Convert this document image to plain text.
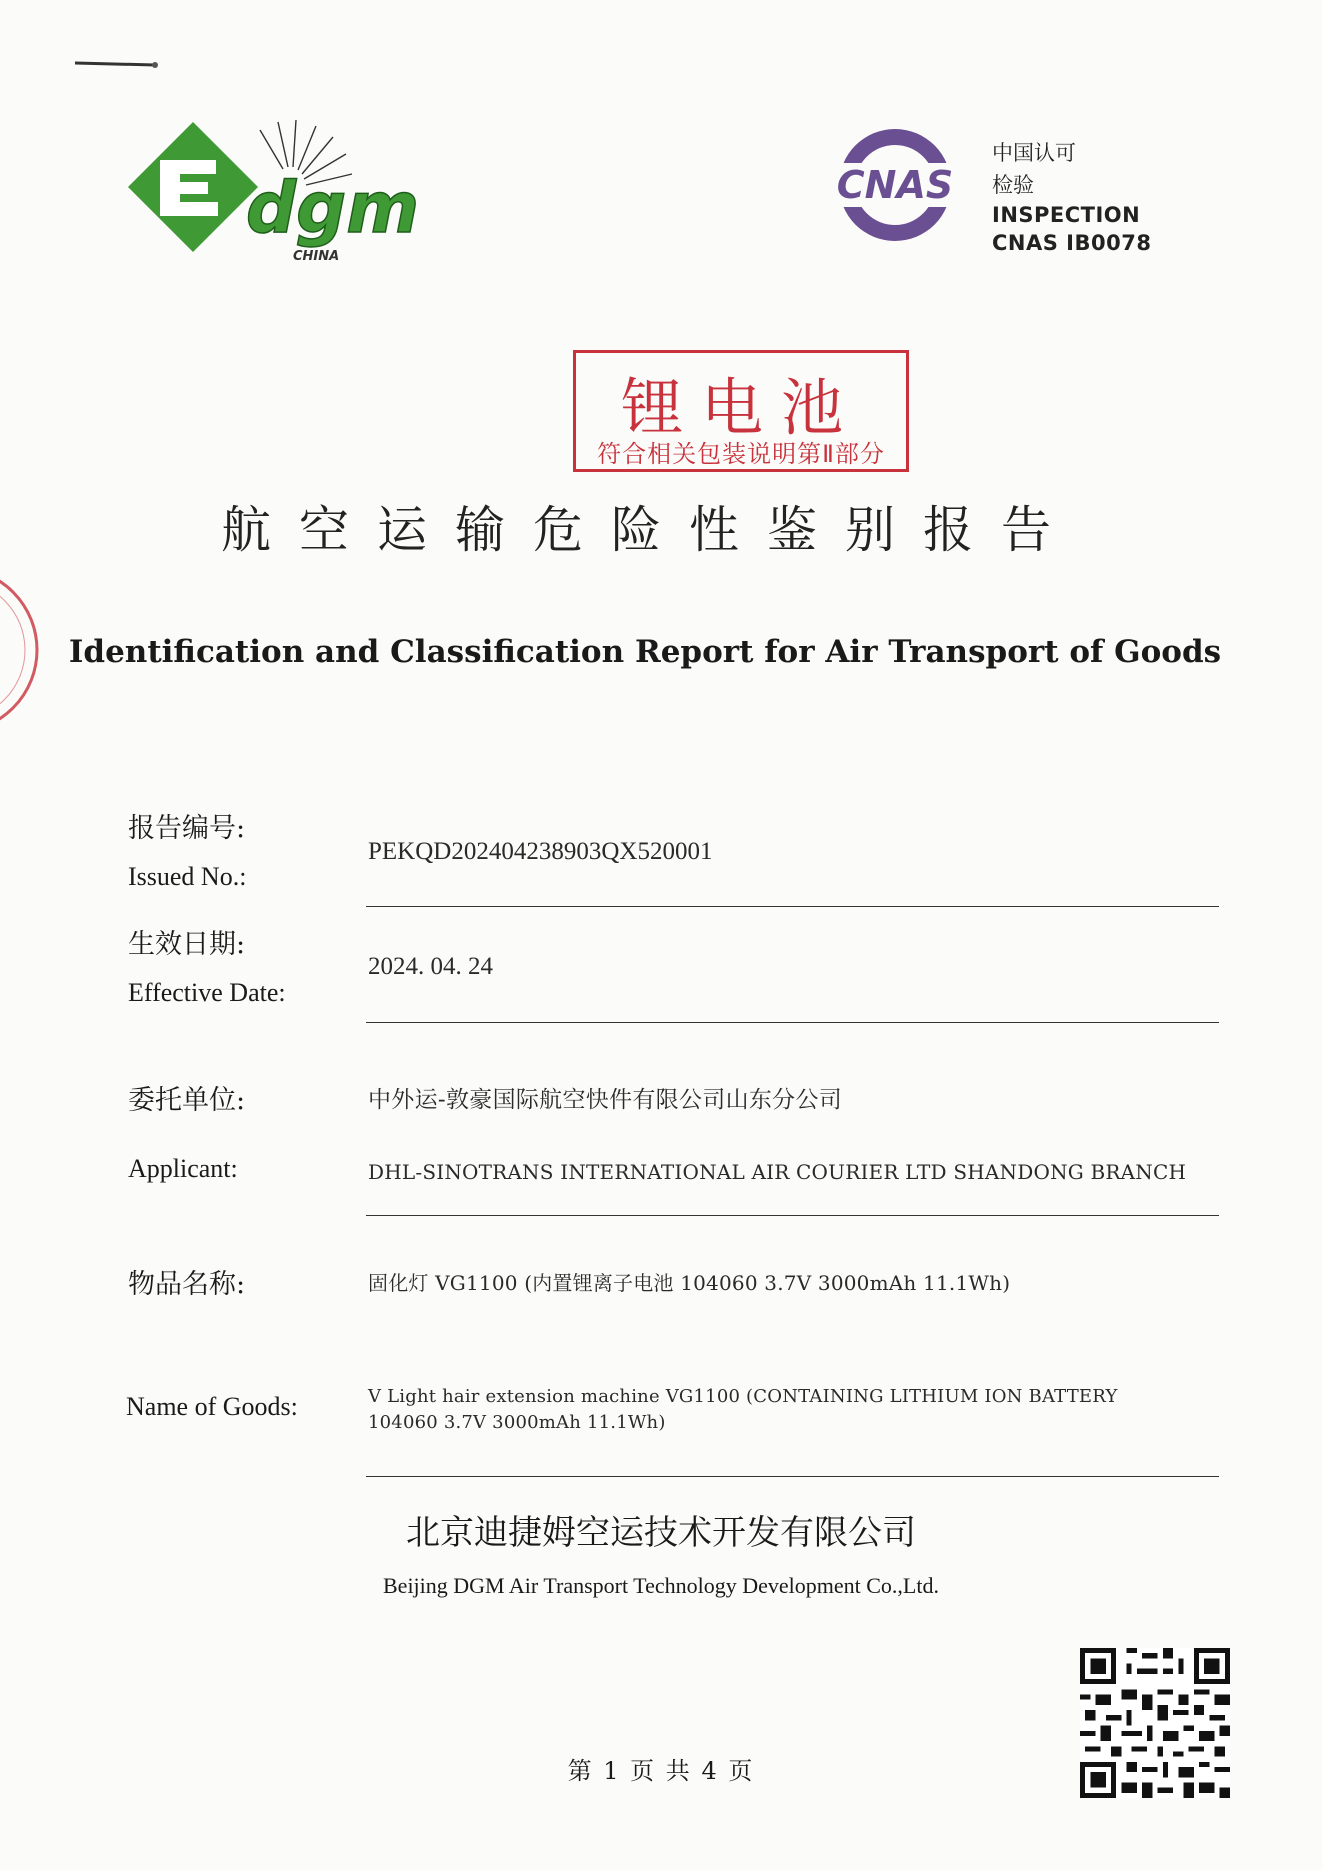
dgm
CHINA
CNAS
中国认可
检验
INSPECTION
CNAS IB0078
锂电池
符合相关包装说明第Ⅱ部分
航空运输危险性鉴别报告
Identification and Classification Report for Air Transport of Goods
报告编号:
Issued No.:
PEKQD202404238903QX520001
生效日期:
Effective Date:
2024. 04. 24
委托单位:	中外运-敦豪国际航空快件有限公司山东分公司
Applicant:	DHL-SINOTRANS INTERNATIONAL AIR COURIER LTD SHANDONG BRANCH
物品名称:	固化灯 VG1100 (内置锂离子电池 104060 3.7V 3000mAh 11.1Wh)
Name of Goods:	V Light hair extension machine VG1100 (CONTAINING LITHIUM ION BATTERY
104060 3.7V 3000mAh 11.1Wh)
北京迪捷姆空运技术开发有限公司
Beijing DGM Air Transport Technology Development Co.,Ltd.
第 1 页 共 4 页
